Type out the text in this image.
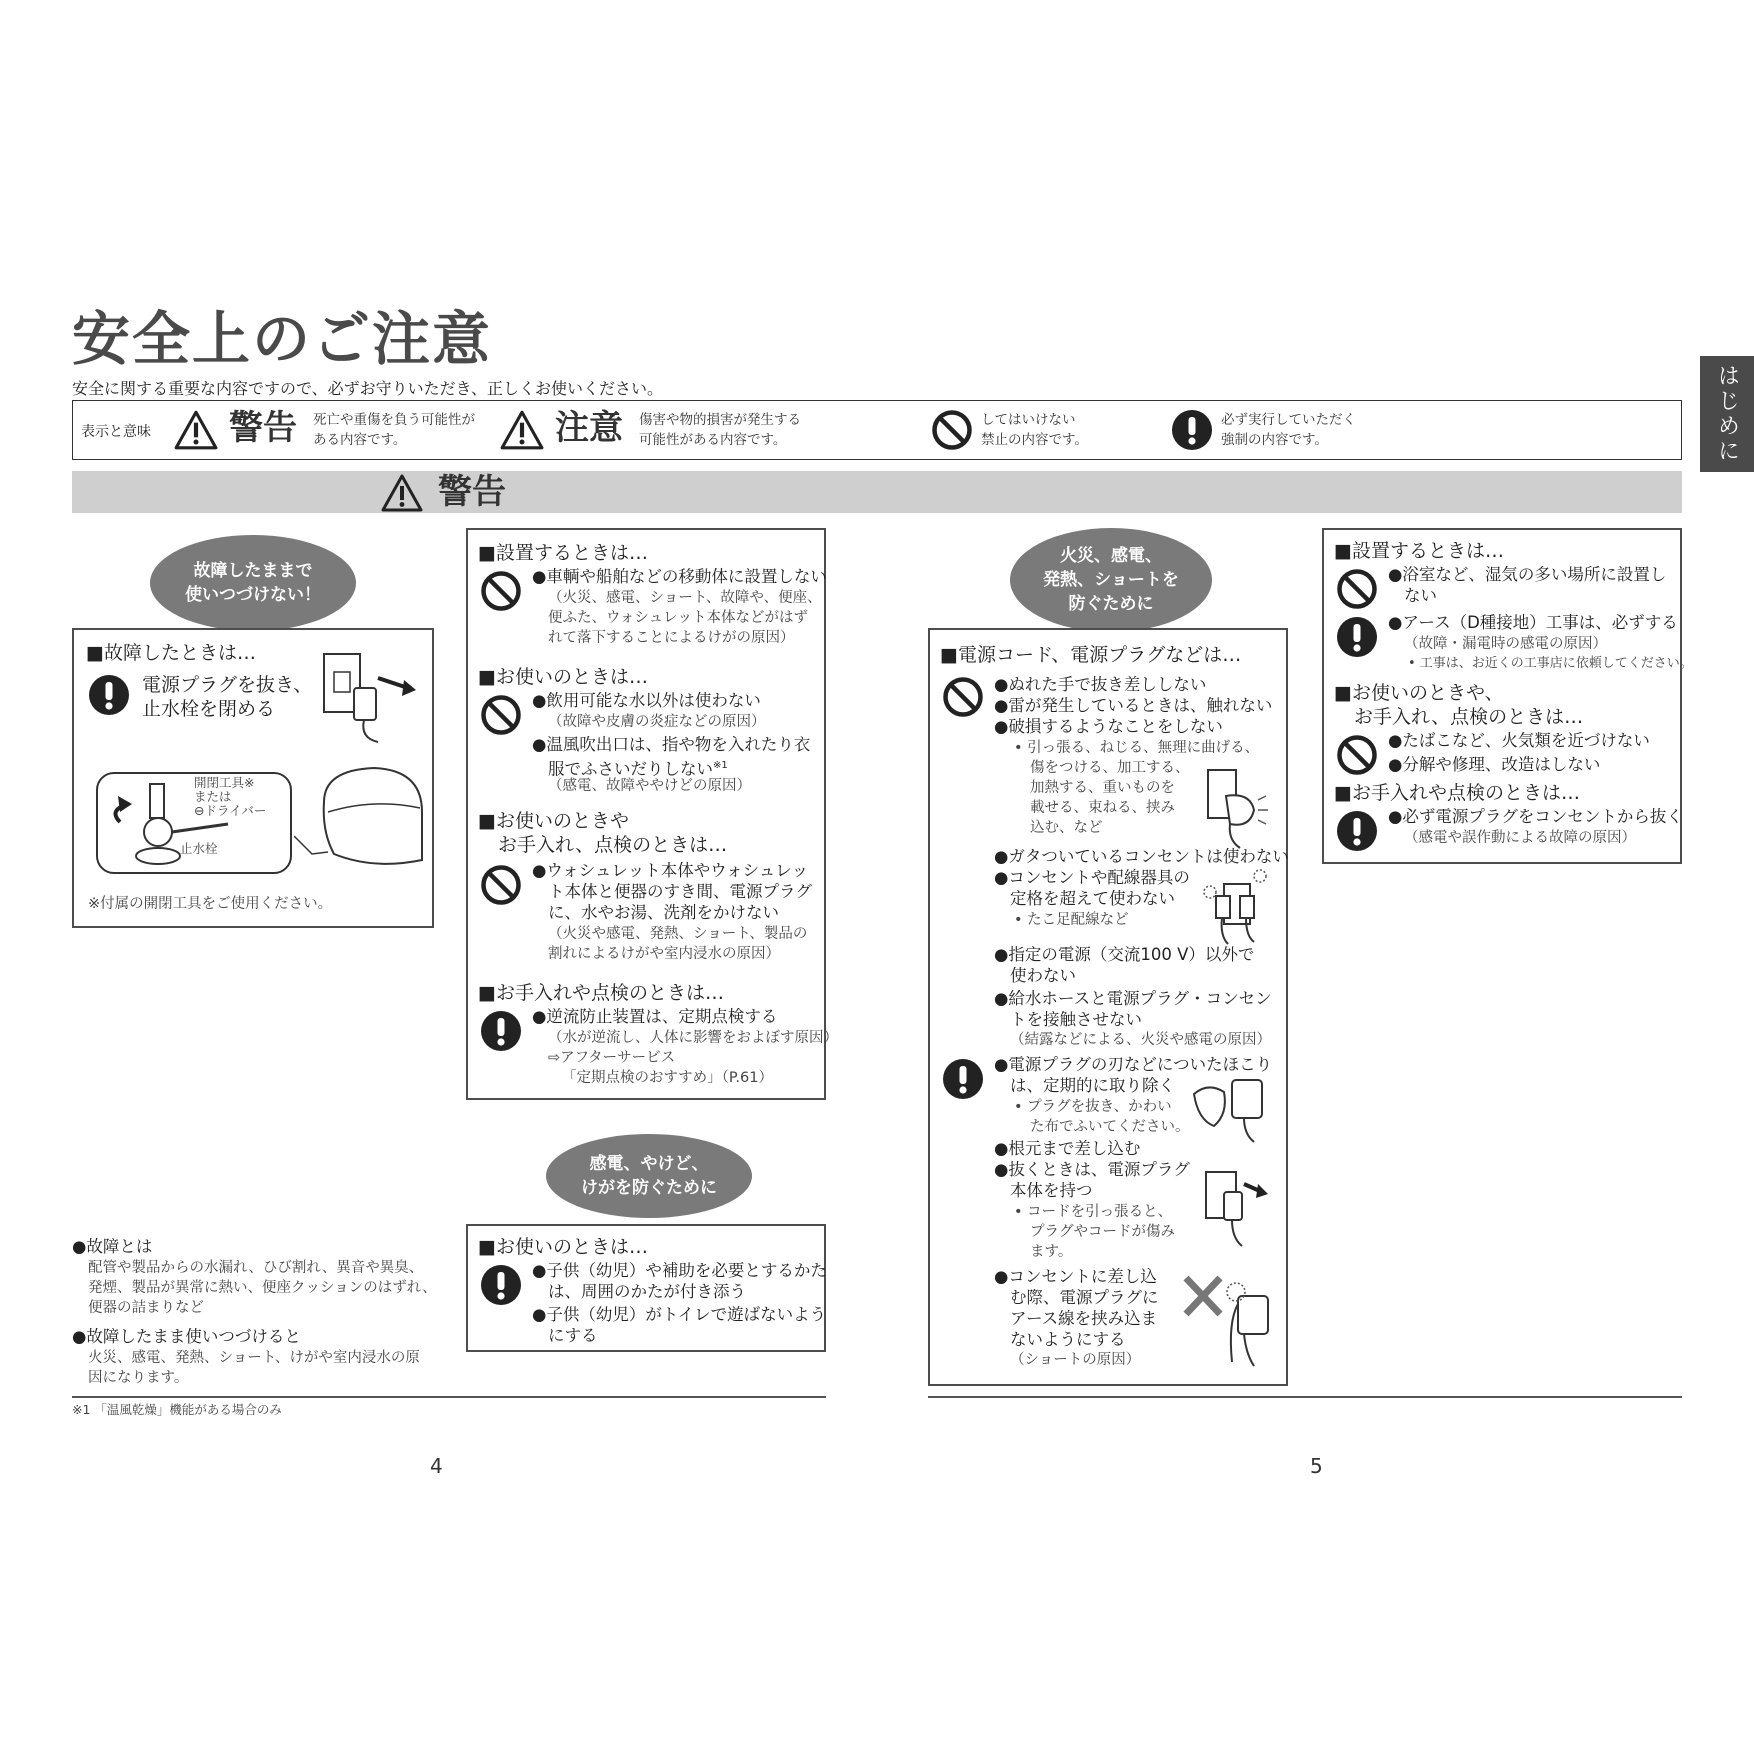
安全上のご注意
安全に関する重要な内容ですので、必ずお守りいただき、正しくお使いください。	はじめに
表示と意味 警告 死亡や重傷を負う可能性が
ある内容です。	注意 傷害や物的損害が発生する
可能性がある内容です。
してはいけない
禁止の内容です。
必ず実行していただく
強制の内容です。
警告
故障したままで
使いつづけない！
火災、感電、
発熱、ショートを
防ぐために
感電、やけど、
けがを防ぐために
■故障したときは…
電源プラグを抜き、
止水栓を閉める
開閉工具※
または
⊖ドライバー
止水栓
※付属の開閉工具をご使用ください。
●故障とは
配管や製品からの水漏れ、ひび割れ、異音や異臭、
発煙、製品が異常に熱い、便座クッションのはずれ、
便器の詰まりなど
●故障したまま使いつづけると
火災、感電、発熱、ショート、けがや室内浸水の原
因になります。
※1 「温風乾燥」機能がある場合のみ
4
■設置するときは…
●車輌や船舶などの移動体に設置しない
（火災、感電、ショート、故障や、便座、
便ふた、ウォシュレット本体などがはず
れて落下することによるけがの原因）
■お使いのときは…
●飲用可能な水以外は使わない
（故障や皮膚の炎症などの原因）
●温風吹出口は、指や物を入れたり衣
服でふさいだりしない$^{※1}$
（感電、故障ややけどの原因）
■お使いのときや
お手入れ、点検のときは…
●ウォシュレット本体やウォシュレッ
ト本体と便器のすき間、電源プラグ
に、水やお湯、洗剤をかけない
（火災や感電、発熱、ショート、製品の
割れによるけがや室内浸水の原因）
■お手入れや点検のときは…
●逆流防止装置は、定期点検する
（水が逆流し、人体に影響をおよぼす原因）
⇨アフターサービス
「定期点検のおすすめ」（P.61）
■お使いのときは…
●子供（幼児）や補助を必要とするかた
は、周囲のかたが付き添う
●子供（幼児）がトイレで遊ばないよう
にする
■電源コード、電源プラグなどは…
●ぬれた手で抜き差ししない
●雷が発生しているときは、触れない
●破損するようなことをしない
• 引っ張る、ねじる、無理に曲げる、
傷をつける、加工する、
加熱する、重いものを
載せる、束ねる、挟み
込む、など
●ガタついているコンセントは使わない
●コンセントや配線器具の
定格を超えて使わない
• たこ足配線など
●指定の電源（交流100 V）以外で
使わない
●給水ホースと電源プラグ・コンセン
トを接触させない
（結露などによる、火災や感電の原因）
●電源プラグの刃などについたほこり
は、定期的に取り除く
• プラグを抜き、かわい
た布でふいてください。
●根元まで差し込む
●抜くときは、電源プラグ
本体を持つ
• コードを引っ張ると、
プラグやコードが傷み
ます。
●コンセントに差し込
む際、電源プラグに
アース線を挟み込ま
ないようにする
（ショートの原因）
5
■設置するときは…
●浴室など、湿気の多い場所に設置し
ない
●アース（D種接地）工事は、必ずする
（故障・漏電時の感電の原因）
• 工事は、お近くの工事店に依頼してください。
■お使いのときや、
お手入れ、点検のときは…
●たばこなど、火気類を近づけない
●分解や修理、改造はしない
■お手入れや点検のときは…
●必ず電源プラグをコンセントから抜く
（感電や誤作動による故障の原因）
